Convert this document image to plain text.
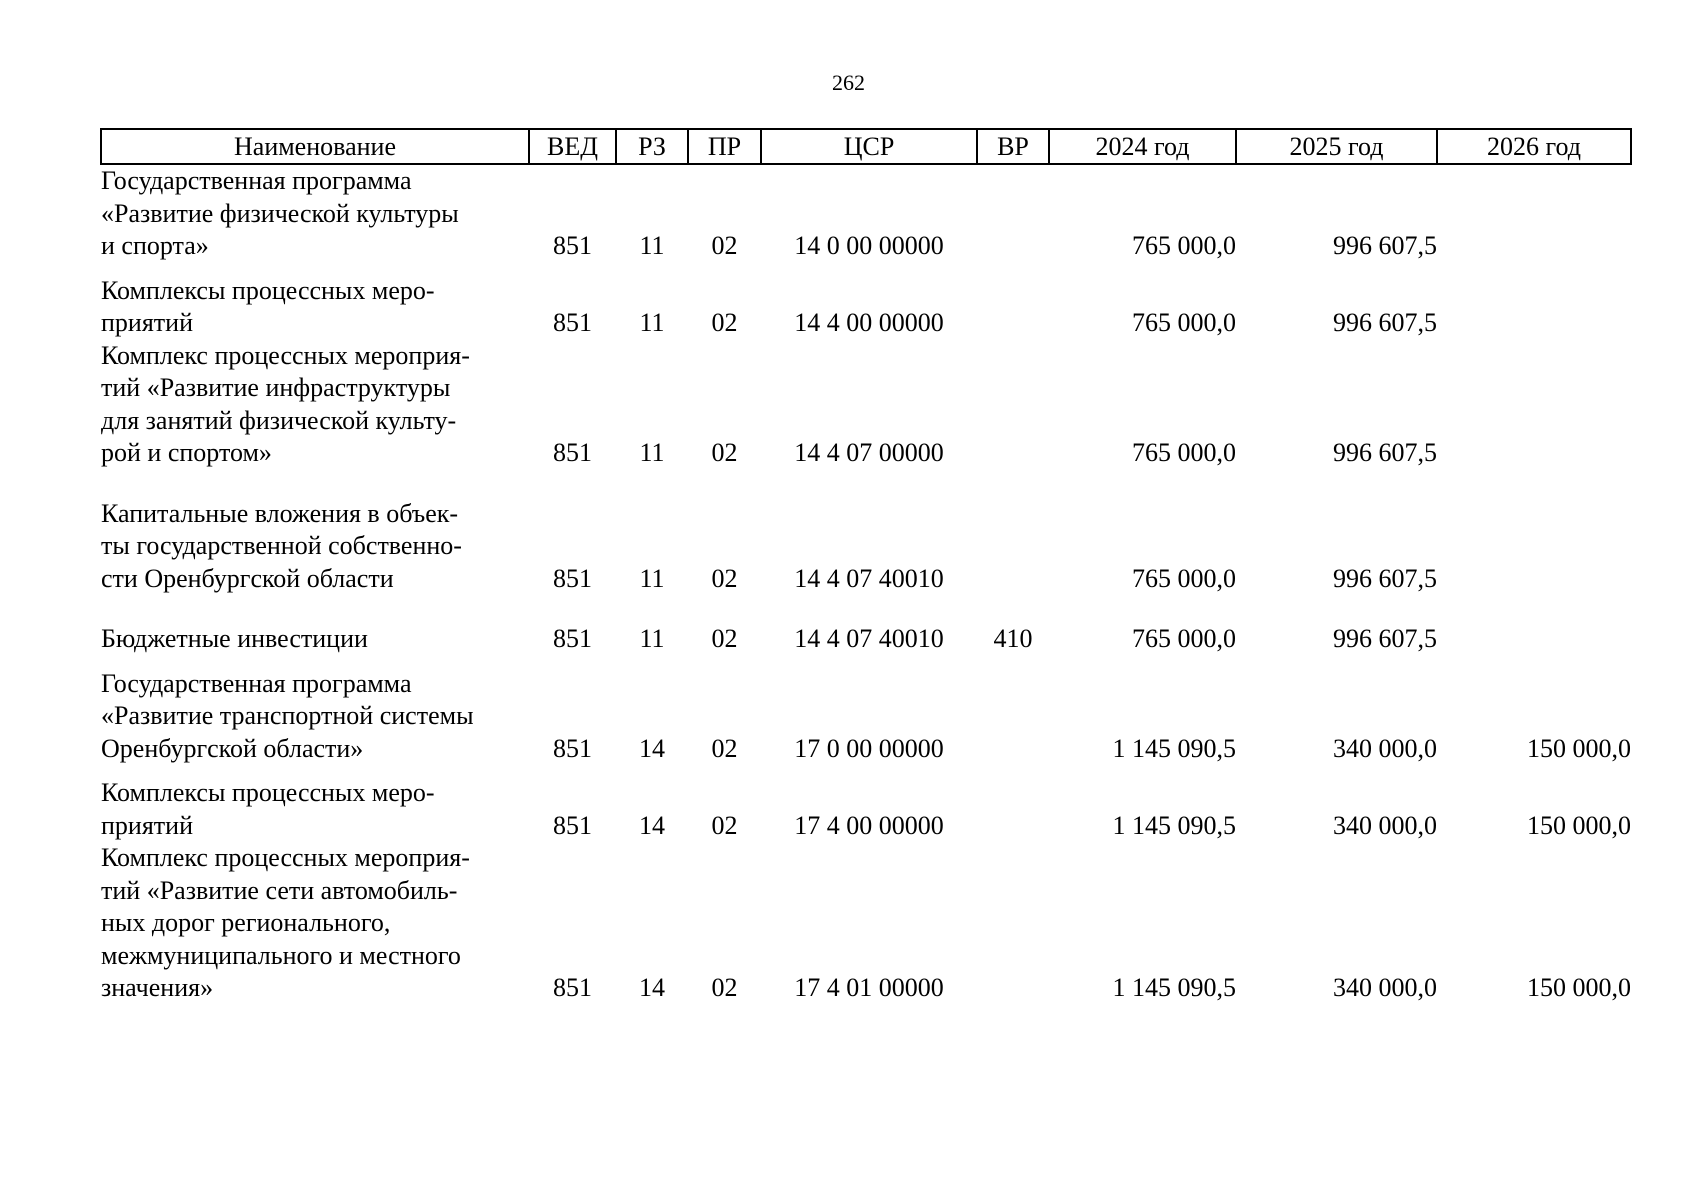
262
Наименование	ВЕД	РЗ	ПР	ЦСР	ВР	2024 год	2025 год	2026 год

Государственная программа
«Развитие физической культуры
и спорта»	851	11	02	14 0 00 00000		765 000,0	996 607,5	

Комплексы процессных меро-
приятий	851	11	02	14 4 00 00000		765 000,0	996 607,5	

Комплекс процессных мероприя-
тий «Развитие инфраструктуры
для занятий физической культу-
рой и спортом»	851	11	02	14 4 07 00000		765 000,0	996 607,5	

Капитальные вложения в объек-
ты государственной собственно-
сти Оренбургской области	851	11	02	14 4 07 40010		765 000,0	996 607,5	

Бюджетные инвестиции	851	11	02	14 4 07 40010	410	765 000,0	996 607,5	

Государственная программа
«Развитие транспортной системы
Оренбургской области»	851	14	02	17 0 00 00000		1 145 090,5	340 000,0	150 000,0

Комплексы процессных меро-
приятий	851	14	02	17 4 00 00000		1 145 090,5	340 000,0	150 000,0

Комплекс процессных мероприя-
тий «Развитие сети автомобиль-
ных дорог регионального,
межмуниципального и местного
значения»	851	14	02	17 4 01 00000		1 145 090,5	340 000,0	150 000,0
